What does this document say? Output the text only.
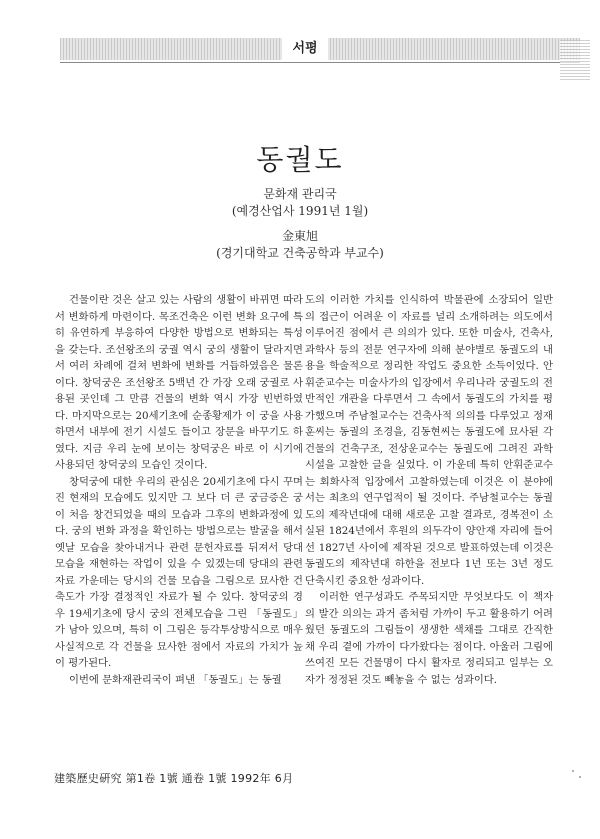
서평
동궐도
문화재 관리국
(예경산업사 1991년 1월)
金東旭
(경기대학교 건축공학과 부교수)

건물이란 것은 살고 있는 사람의 생활이 바뀌면 따라서 변화하게 마련이다. 목조건축은 이런 변화 요구에 특히 유연하게 부응하여 다양한 방법으로 변화되는 특성을 갖는다. 조선왕조의 궁궐 역시 궁의 생활이 달라지면서 여러 차례에 걸쳐 변화에 변화를 거듭하였음은 물론이다. 창덕궁은 조선왕조 5백년 간 가장 오래 궁궐로 사용된 곳인데 그 만큼 건물의 변화 역시 가장 빈번하였다. 마지막으로는 20세기초에 순종황제가 이 궁을 사용하면서 내부에 전기 시설도 들이고 장문을 바꾸기도 하였다. 지금 우리 눈에 보이는 창덕궁은 바로 이 시기에 사용되던 창덕궁의 모습인 것이다.

창덕궁에 대한 우리의 관심은 20세기초에 다시 꾸며진 현재의 모습에도 있지만 그 보다 더 큰 궁금증은 궁이 처음 창건되었을 때의 모습과 그후의 변화과정에 있다. 궁의 변화 과정을 확인하는 방법으로는 발굴을 해서 옛날 모습을 찾아내거나 관련 문헌자료를 뒤져서 당대 모습을 재현하는 작업이 있을 수 있겠는데 당대의 관련 자료 가운데는 당시의 건물 모습을 그림으로 묘사한 건축도가 가장 결정적인 자료가 될 수 있다. 창덕궁의 경우 19세기초에 당시 궁의 전체모습을 그린 「동궐도」가 남아 있으며, 특히 이 그림은 등각투상방식으로 매우 사실적으로 각 건물을 묘사한 점에서 자료의 가치가 높이 평가된다.

이번에 문화재관리국이 펴낸 「동궐도」는 동궐

도의 이러한 가치를 인식하여 박물관에 소장되어 일반의 접근이 어려운 이 자료를 널리 소개하려는 의도에서 이루어진 점에서 큰 의의가 있다. 또한 미술사, 건축사, 과학사 등의 전문 연구자에 의해 분야별로 동궐도의 내용을 학술적으로 정리한 작업도 중요한 소득이었다. 안휘준교수는 미술사가의 입장에서 우리나라 궁궐도의 전반적인 개관을 다루면서 그 속에서 동궐도의 가치를 평가했으며 주남철교수는 건축사적 의의를 다루었고 정재훈씨는 동궐의 조경을, 김동현씨는 동궐도에 묘사된 각 건물의 건축구조, 전상운교수는 동궐도에 그려진 과학시설을 고찰한 글을 실었다. 이 가운데 특히 안휘준교수는 회화사적 입장에서 고찰하였는데 이것은 이 분야에서는 최초의 연구업적이 될 것이다. 주남철교수는 동궐도의 제작년대에 대해 새로운 고찰 결과로, 경복전이 소실된 1824년에서 후원의 의두각이 양안재 자리에 들어선 1827년 사이에 제작된 것으로 발표하였는데 이것은 동궐도의 제작년대 하한을 전보다 1년 또는 3년 정도 단축시킨 중요한 성과이다.

이러한 연구성과도 주목되지만 무엇보다도 이 책자의 발간 의의는 과거 좀처럼 가까이 두고 활용하기 어려웠던 동궐도의 그림들이 생생한 색채를 그대로 간직한 채 우리 곁에 가까이 다가왔다는 점이다. 아울러 그림에 쓰여진 모든 건물명이 다시 활자로 정리되고 일부는 오자가 정정된 것도 빼놓을 수 없는 성과이다.

建築歷史硏究 第1卷 1號 通卷 1號 1992年 6月
